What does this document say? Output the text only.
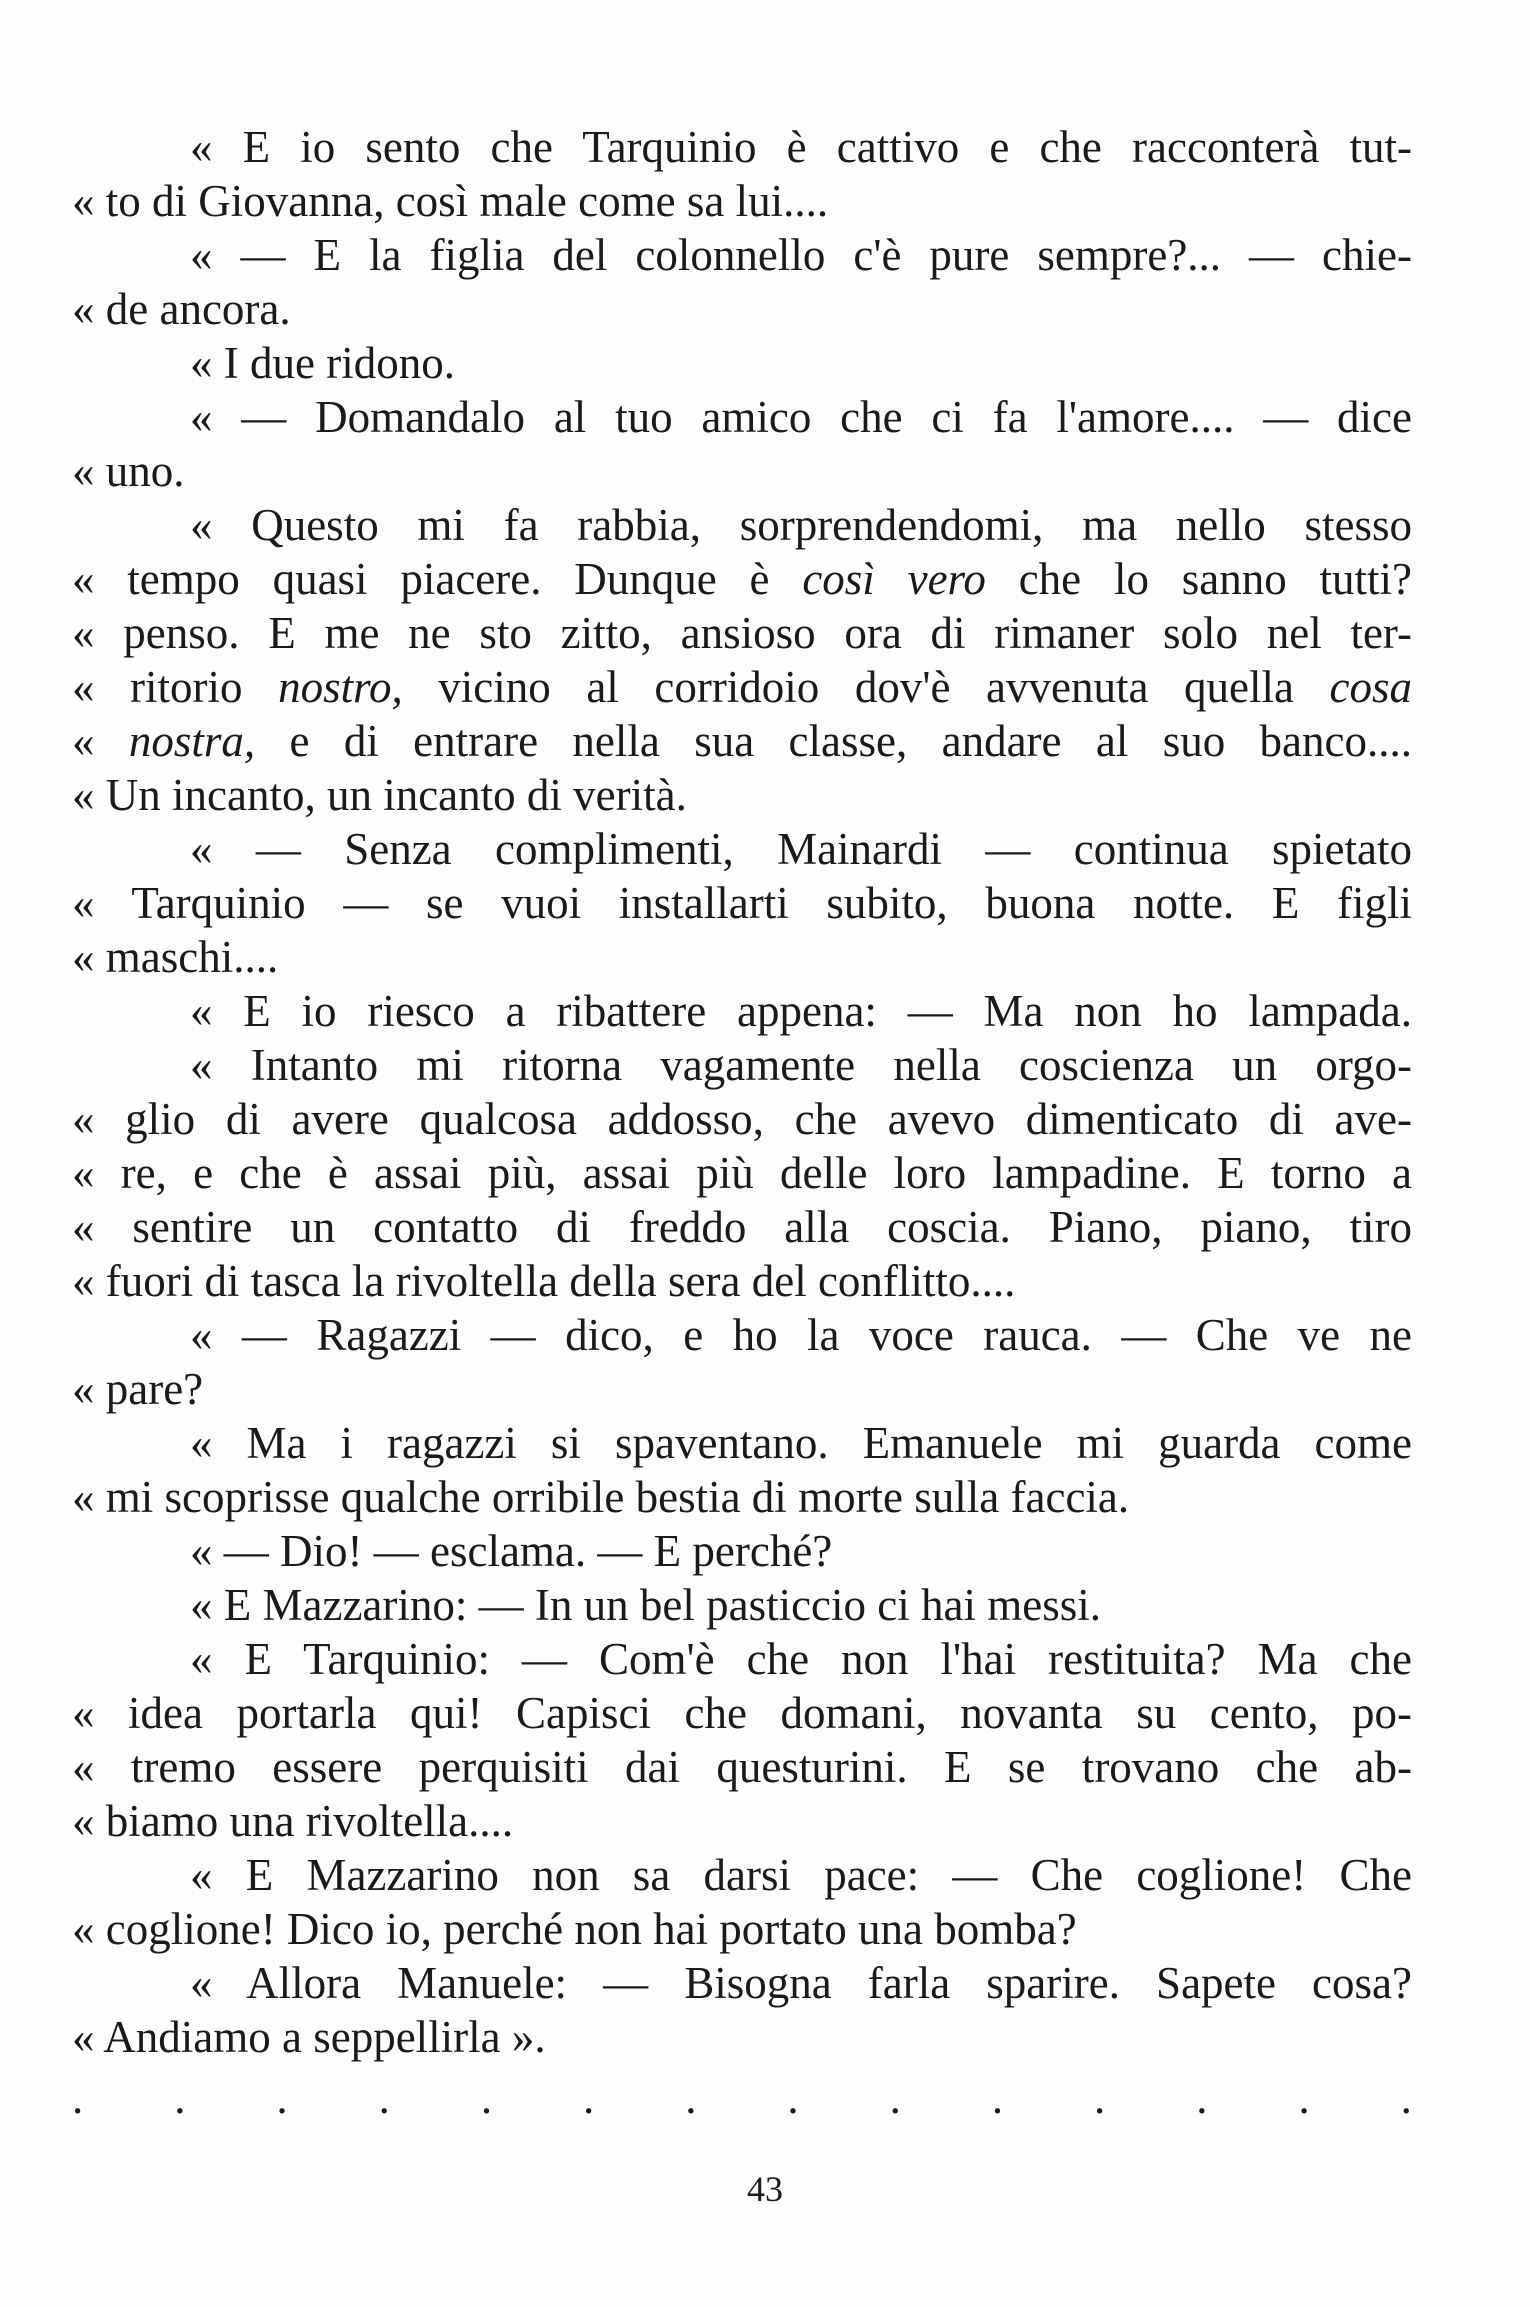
« E io sento che Tarquinio è cattivo e che racconterà tut-
« to di Giovanna, così male come sa lui....
« — E la figlia del colonnello c'è pure sempre?... — chie-
« de ancora.
« I due ridono.
« — Domandalo al tuo amico che ci fa l'amore.... — dice
« uno.
« Questo mi fa rabbia, sorprendendomi, ma nello stesso
« tempo quasi piacere. Dunque è così vero che lo sanno tutti?
« penso. E me ne sto zitto, ansioso ora di rimaner solo nel ter-
« ritorio nostro, vicino al corridoio dov'è avvenuta quella cosa
« nostra, e di entrare nella sua classe, andare al suo banco....
« Un incanto, un incanto di verità.
« — Senza complimenti, Mainardi — continua spietato
« Tarquinio — se vuoi installarti subito, buona notte. E figli
« maschi....
« E io riesco a ribattere appena: — Ma non ho lampada.
« Intanto mi ritorna vagamente nella coscienza un orgo-
« glio di avere qualcosa addosso, che avevo dimenticato di ave-
« re, e che è assai più, assai più delle loro lampadine. E torno a
« sentire un contatto di freddo alla coscia. Piano, piano, tiro
« fuori di tasca la rivoltella della sera del conflitto....
« — Ragazzi — dico, e ho la voce rauca. — Che ve ne
« pare?
« Ma i ragazzi si spaventano. Emanuele mi guarda come
« mi scoprisse qualche orribile bestia di morte sulla faccia.
« — Dio! — esclama. — E perché?
« E Mazzarino: — In un bel pasticcio ci hai messi.
« E Tarquinio: — Com'è che non l'hai restituita? Ma che
« idea portarla qui! Capisci che domani, novanta su cento, po-
« tremo essere perquisiti dai questurini. E se trovano che ab-
« biamo una rivoltella....
« E Mazzarino non sa darsi pace: — Che coglione! Che
« coglione! Dico io, perché non hai portato una bomba?
« Allora Manuele: — Bisogna farla sparire. Sapete cosa?
« Andiamo a seppellirla ».
. . . . . . . . . . . . . .
43
